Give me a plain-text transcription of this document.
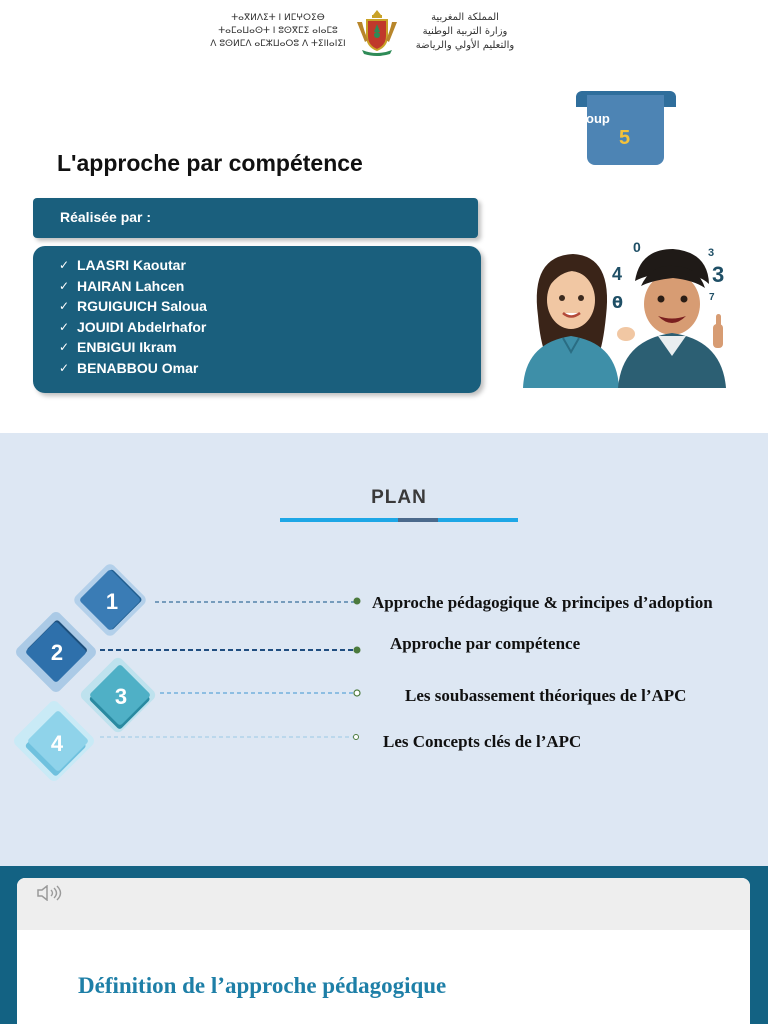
ⵜⴰⴳⵍⴷⵉⵜ ⵏ ⵍⵎⵖⵔⵉⴱ
ⵜⴰⵎⴰⵡⴰⵙⵜ ⵏ ⵓⵙⴳⵎⵉ ⴰⵏⴰⵎⵓ
ⴷ ⵓⵙⵍⵎⴷ ⴰⵎⵣⵡⴰⵔⵓ ⴷ ⵜⵉⵏⵏⴰⵏⵉⵏ
المملكة المغربية
وزارة التربية الوطنية
والتعليم الأولي والرياضة
oup
5
L'approche par compétence
Réalisée par :
✓ LAASRI Kaoutar
✓ HAIRAN Lahcen
✓ RGUIGUICH Saloua
✓ JOUIDI Abdelrhafor
✓ ENBIGUI Ikram
✓ BENABBOU Omar
0
4
3
3
θ	7
PLAN
1
2
3
4
Approche pédagogique & principes d’adoption
Approche par compétence
Les soubassement théoriques de l’APC
Les Concepts clés de l’APC
Définition de l’approche pédagogique
